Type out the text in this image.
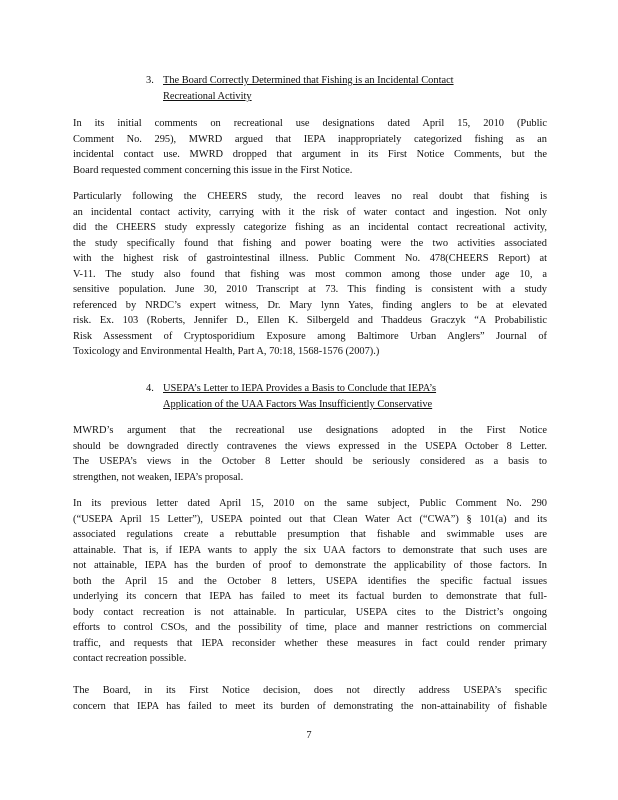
3. The Board Correctly Determined that Fishing is an Incidental Contact
Recreational Activity
In its initial comments on recreational use designations dated April 15, 2010 (Public
Comment No. 295), MWRD argued that IEPA inappropriately categorized fishing as an
incidental contact use. MWRD dropped that argument in its First Notice Comments, but the
Board requested comment concerning this issue in the First Notice.
Particularly following the CHEERS study, the record leaves no real doubt that fishing is
an incidental contact activity, carrying with it the risk of water contact and ingestion. Not only
did the CHEERS study expressly categorize fishing as an incidental contact recreational activity,
the study specifically found that fishing and power boating were the two activities associated
with the highest risk of gastrointestinal illness. Public Comment No. 478(CHEERS Report) at
V-11. The study also found that fishing was most common among those under age 10, a
sensitive population. June 30, 2010 Transcript at 73. This finding is consistent with a study
referenced by NRDC’s expert witness, Dr. Mary lynn Yates, finding anglers to be at elevated
risk. Ex. 103 (Roberts, Jennifer D., Ellen K. Silbergeld and Thaddeus Graczyk “A Probabilistic
Risk Assessment of Cryptosporidium Exposure among Baltimore Urban Anglers” Journal of
Toxicology and Environmental Health, Part A, 70:18, 1568-1576 (2007).)
4. USEPA’s Letter to IEPA Provides a Basis to Conclude that IEPA’s
Application of the UAA Factors Was Insufficiently Conservative
MWRD’s argument that the recreational use designations adopted in the First Notice
should be downgraded directly contravenes the views expressed in the USEPA October 8 Letter.
The USEPA’s views in the October 8 Letter should be seriously considered as a basis to
strengthen, not weaken, IEPA’s proposal.
In its previous letter dated April 15, 2010 on the same subject, Public Comment No. 290
(“USEPA April 15 Letter”), USEPA pointed out that Clean Water Act (“CWA”) § 101(a) and its
associated regulations create a rebuttable presumption that fishable and swimmable uses are
attainable. That is, if IEPA wants to apply the six UAA factors to demonstrate that such uses are
not attainable, IEPA has the burden of proof to demonstrate the applicability of those factors. In
both the April 15 and the October 8 letters, USEPA identifies the specific factual issues
underlying its concern that IEPA has failed to meet its factual burden to demonstrate that full-
body contact recreation is not attainable. In particular, USEPA cites to the District’s ongoing
efforts to control CSOs, and the possibility of time, place and manner restrictions on commercial
traffic, and requests that IEPA reconsider whether these measures in fact could render primary
contact recreation possible.
The Board, in its First Notice decision, does not directly address USEPA’s specific
concern that IEPA has failed to meet its burden of demonstrating the non-attainability of fishable
7
